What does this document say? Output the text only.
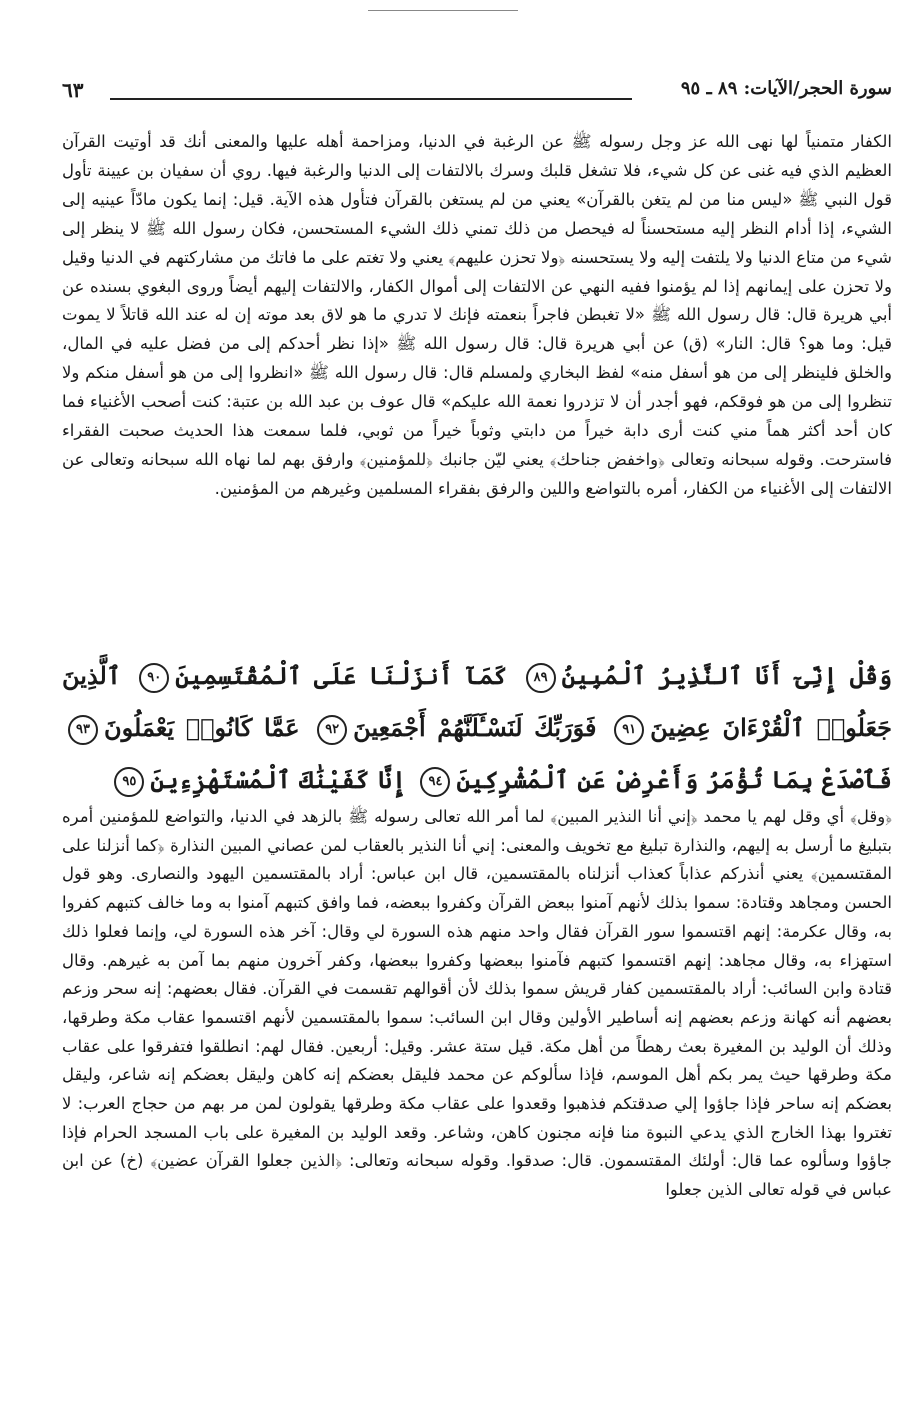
سورة الحجر/الآيات: ٨٩ ـ ٩٥
٦٣

الكفار متمنياً لها نهى الله عز وجل رسوله ﷺ عن الرغبة في الدنيا، ومزاحمة أهله عليها والمعنى أنك قد أوتيت القرآن العظيم الذي فيه غنى عن كل شيء، فلا تشغل قلبك وسرك بالالتفات إلى الدنيا والرغبة فيها. روي أن سفيان بن عيينة تأول قول النبي ﷺ «ليس منا من لم يتغن بالقرآن» يعني من لم يستغن بالقرآن فتأول هذه الآية. قيل: إنما يكون مادّاً عينيه إلى الشيء، إذا أدام النظر إليه مستحسناً له فيحصل من ذلك تمني ذلك الشيء المستحسن، فكان رسول الله ﷺ لا ينظر إلى شيء من متاع الدنيا ولا يلتفت إليه ولا يستحسنه ﴿ولا تحزن عليهم﴾ يعني ولا تغتم على ما فاتك من مشاركتهم في الدنيا وقيل ولا تحزن على إيمانهم إذا لم يؤمنوا ففيه النهي عن الالتفات إلى أموال الكفار، والالتفات إليهم أيضاً وروى البغوي بسنده عن أبي هريرة قال: قال رسول الله ﷺ «لا تغبطن فاجراً بنعمته فإنك لا تدري ما هو لاق بعد موته إن له عند الله قاتلاً لا يموت قيل: وما هو؟ قال: النار» (ق) عن أبي هريرة قال: قال رسول الله ﷺ «إذا نظر أحدكم إلى من فضل عليه في المال، والخلق فلينظر إلى من هو أسفل منه» لفظ البخاري ولمسلم قال: قال رسول الله ﷺ «انظروا إلى من هو أسفل منكم ولا تنظروا إلى من هو فوقكم، فهو أجدر أن لا تزدروا نعمة الله عليكم» قال عوف بن عبد الله بن عتبة: كنت أصحب الأغنياء فما كان أحد أكثر هماً مني كنت أرى دابة خيراً من دابتي وثوباً خيراً من ثوبي، فلما سمعت هذا الحديث صحبت الفقراء فاسترحت. وقوله سبحانه وتعالى ﴿واخفض جناحك﴾ يعني ليّن جانبك ﴿للمؤمنين﴾ وارفق بهم لما نهاه الله سبحانه وتعالى عن الالتفات إلى الأغنياء من الكفار، أمره بالتواضع واللين والرفق بفقراء المسلمين وغيرهم من المؤمنين.

وَقُلْ إِنِّىٓ أَنَا ٱلنَّذِيرُ ٱلْمُبِينُ٨٩ كَمَآ أَنزَلْنَا عَلَى ٱلْمُقْتَسِمِينَ٩٠ ٱلَّذِينَ جَعَلُوا۟ ٱلْقُرْءَانَ عِضِينَ٩١ فَوَرَبِّكَ لَنَسْـَٔلَنَّهُمْ أَجْمَعِينَ٩٢ عَمَّا كَانُوا۟ يَعْمَلُونَ٩٣ فَٱصْدَعْ بِمَا تُؤْمَرُ وَأَعْرِضْ عَنِ ٱلْمُشْرِكِينَ٩٤ إِنَّا كَفَيْنَٰكَ ٱلْمُسْتَهْزِءِينَ٩٥

﴿وقل﴾ أي وقل لهم يا محمد ﴿إني أنا النذير المبين﴾ لما أمر الله تعالى رسوله ﷺ بالزهد في الدنيا، والتواضع للمؤمنين أمره بتبليغ ما أرسل به إليهم، والنذارة تبليغ مع تخويف والمعنى: إني أنا النذير بالعقاب لمن عصاني المبين النذارة ﴿كما أنزلنا على المقتسمين﴾ يعني أنذركم عذاباً كعذاب أنزلناه بالمقتسمين، قال ابن عباس: أراد بالمقتسمين اليهود والنصارى. وهو قول الحسن ومجاهد وقتادة: سموا بذلك لأنهم آمنوا ببعض القرآن وكفروا ببعضه، فما وافق كتبهم آمنوا به وما خالف كتبهم كفروا به، وقال عكرمة: إنهم اقتسموا سور القرآن فقال واحد منهم هذه السورة لي وقال: آخر هذه السورة لي، وإنما فعلوا ذلك استهزاء به، وقال مجاهد: إنهم اقتسموا كتبهم فآمنوا ببعضها وكفروا ببعضها، وكفر آخرون منهم بما آمن به غيرهم. وقال قتادة وابن السائب: أراد بالمقتسمين كفار قريش سموا بذلك لأن أقوالهم تقسمت في القرآن. فقال بعضهم: إنه سحر وزعم بعضهم أنه كهانة وزعم بعضهم إنه أساطير الأولين وقال ابن السائب: سموا بالمقتسمين لأنهم اقتسموا عقاب مكة وطرقها، وذلك أن الوليد بن المغيرة بعث رهطاً من أهل مكة. قيل ستة عشر. وقيل: أربعين. فقال لهم: انطلقوا فتفرقوا على عقاب مكة وطرقها حيث يمر بكم أهل الموسم، فإذا سألوكم عن محمد فليقل بعضكم إنه كاهن وليقل بعضكم إنه شاعر، وليقل بعضكم إنه ساحر فإذا جاؤوا إلي صدقتكم فذهبوا وقعدوا على عقاب مكة وطرقها يقولون لمن مر بهم من حجاج العرب: لا تغتروا بهذا الخارج الذي يدعي النبوة منا فإنه مجنون كاهن، وشاعر. وقعد الوليد بن المغيرة على باب المسجد الحرام فإذا جاؤوا وسألوه عما قال: أولئك المقتسمون. قال: صدقوا. وقوله سبحانه وتعالى: ﴿الذين جعلوا القرآن عضين﴾ (خ) عن ابن عباس في قوله تعالى الذين جعلوا
